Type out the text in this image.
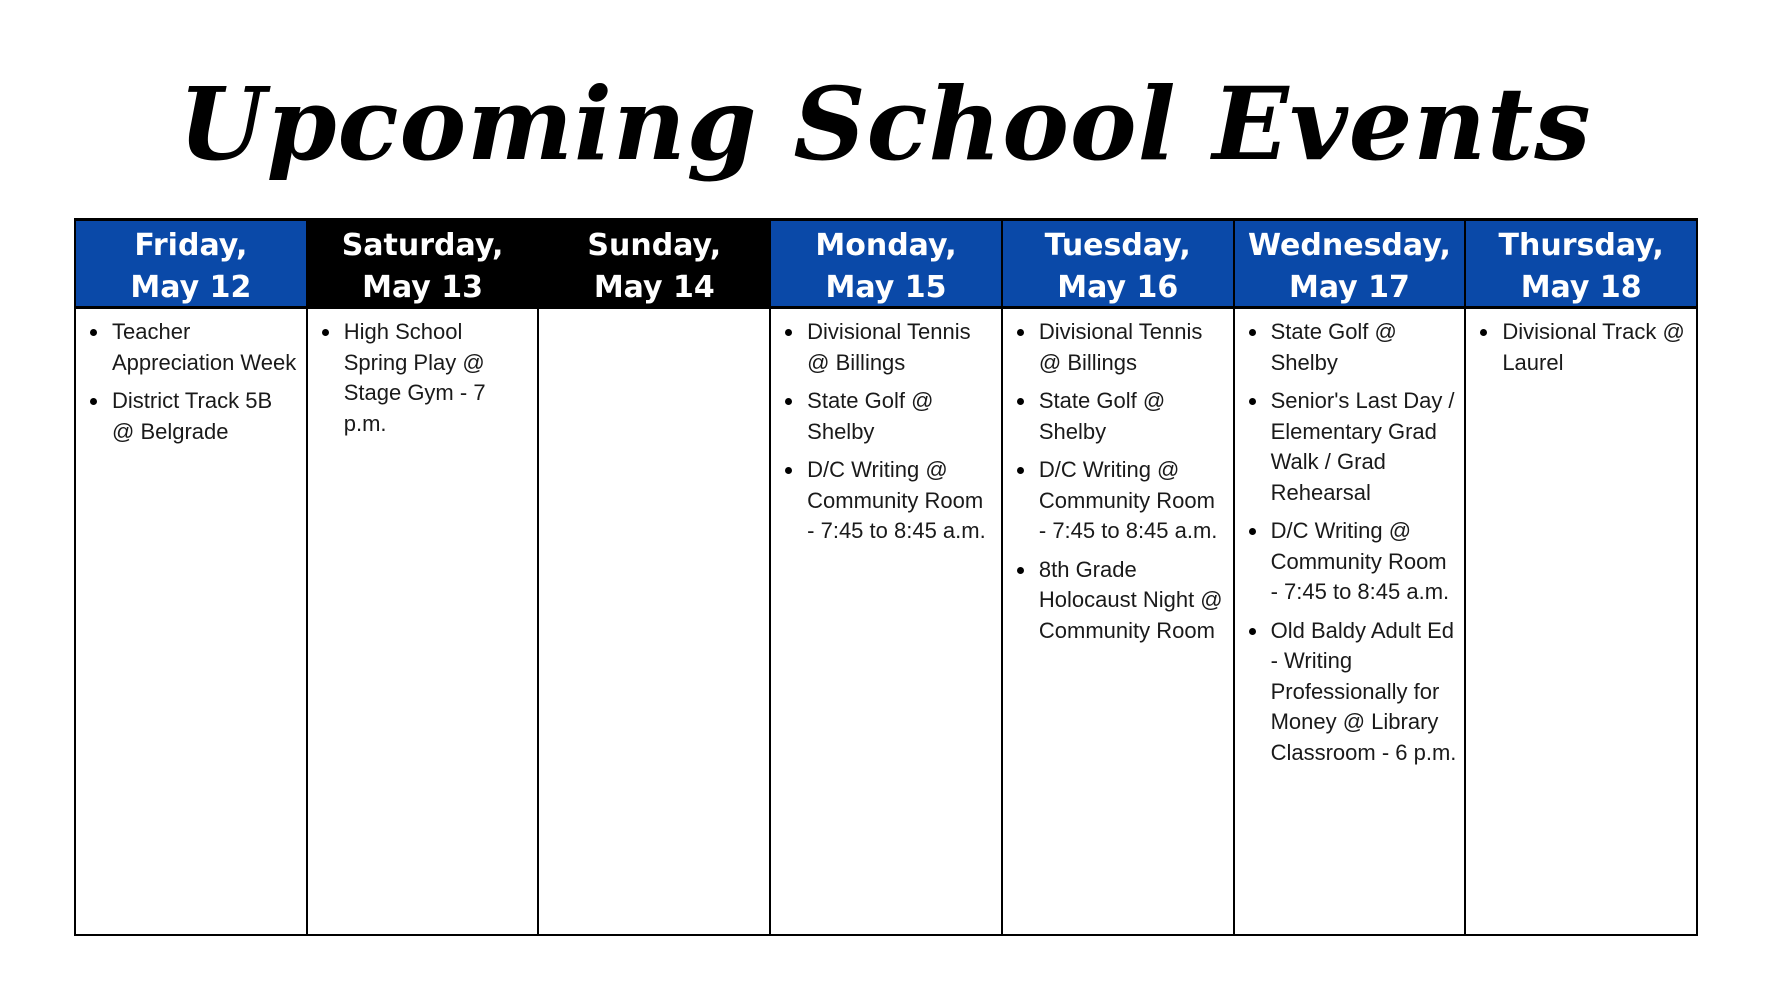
Upcoming School Events
Friday,
May 12
Teacher Appreciation Week
District Track 5B @ Belgrade
Saturday,
May 13
High School Spring Play @ Stage Gym - 7 p.m.
Sunday,
May 14
Monday,
May 15
Divisional Tennis @ Billings
State Golf @ Shelby
D/C Writing @ Community Room - 7:45 to 8:45 a.m.
Tuesday,
May 16
Divisional Tennis @ Billings
State Golf @ Shelby
D/C Writing @ Community Room - 7:45 to 8:45 a.m.
8th Grade Holocaust Night @ Community Room
Wednesday,
May 17
State Golf @ Shelby
Senior's Last Day / Elementary Grad Walk / Grad Rehearsal
D/C Writing @ Community Room - 7:45 to 8:45 a.m.
Old Baldy Adult Ed - Writing Professionally for Money @ Library Classroom - 6 p.m.
Thursday,
May 18
Divisional Track @ Laurel
